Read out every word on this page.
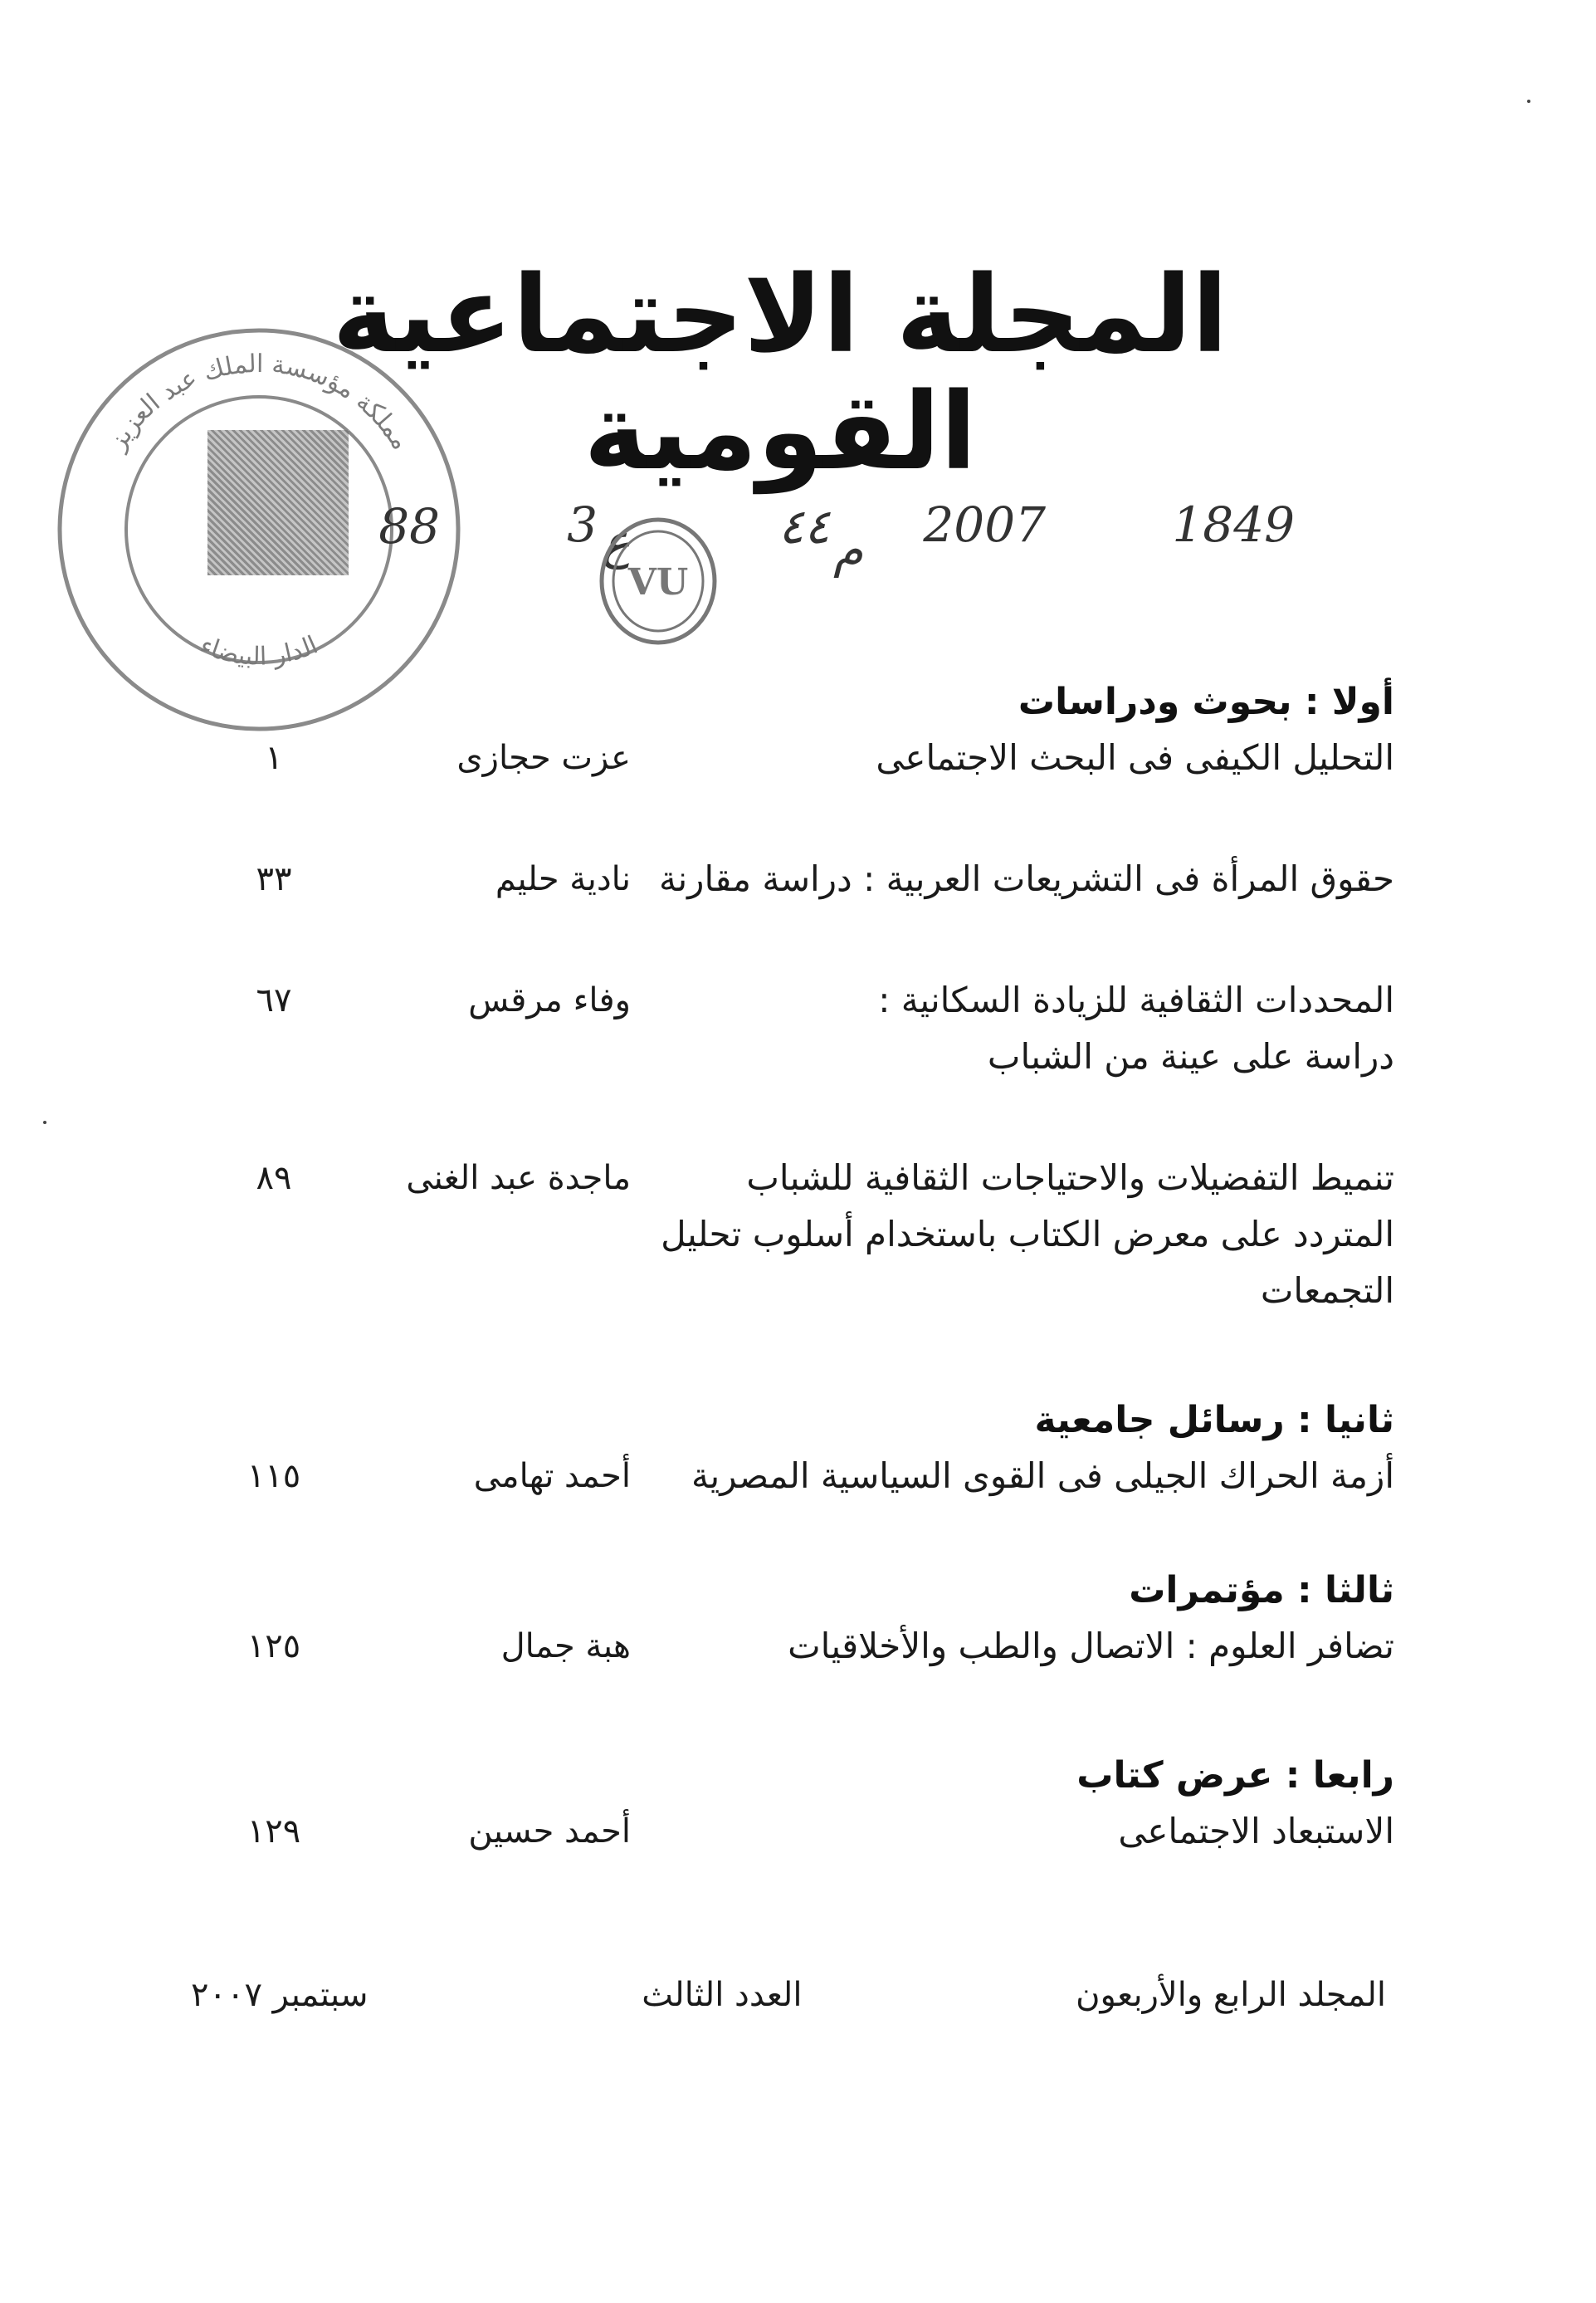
مملكة مؤسسة الملك عبد العزيز
الدار البيضاء
المجلة الاجتماعية القومية
1849
2007
م
٤٤
ع
3
88
VU
أولا : بحوث ودراسات
التحليل الكيفى فى البحث الاجتماعى
عزت حجازى
١
حقوق المرأة فى التشريعات العربية : دراسة مقارنة
نادية حليم
٣٣
المحددات الثقافية للزيادة السكانية :
دراسة على عينة من الشباب
وفاء مرقس
٦٧
تنميط التفضيلات والاحتياجات الثقافية للشباب
المتردد على معرض الكتاب باستخدام أسلوب تحليل
التجمعات
ماجدة عبد الغنى
٨٩
ثانيا : رسائل جامعية
أزمة الحراك الجيلى فى القوى السياسية المصرية
أحمد تهامى
١١٥
ثالثا : مؤتمرات
تضافر العلوم : الاتصال والطب والأخلاقيات
هبة جمال
١٢٥
رابعا : عرض كتاب
الاستبعاد الاجتماعى
أحمد حسين
١٢٩
المجلد الرابع والأربعون
العدد الثالث
سبتمبر ٢٠٠٧
